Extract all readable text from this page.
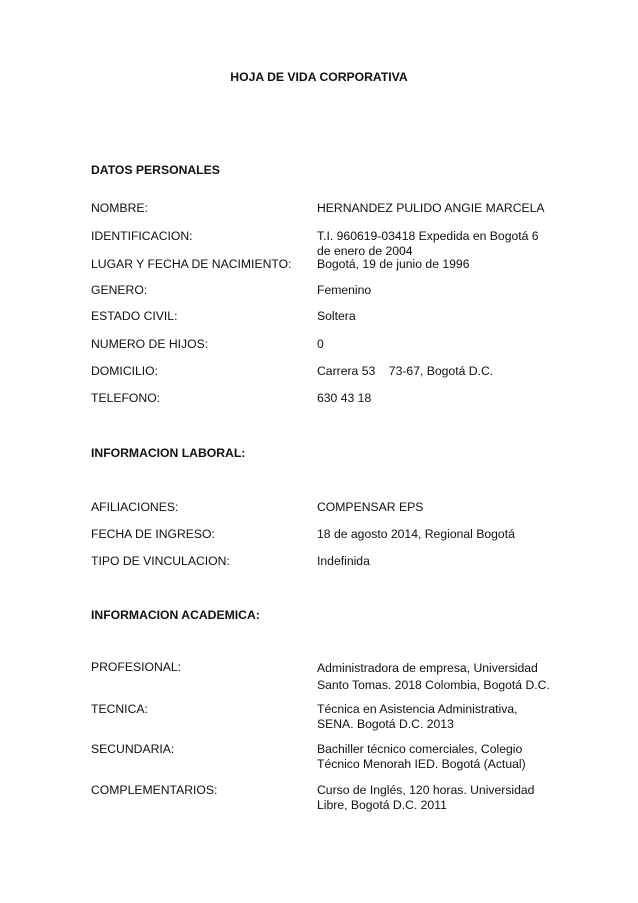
HOJA DE VIDA CORPORATIVA
DATOS PERSONALES
NOMBRE:	HERNANDEZ PULIDO ANGIE MARCELA
IDENTIFICACION:	T.I. 960619-03418 Expedida en Bogotá 6 de enero de 2004
LUGAR Y FECHA DE NACIMIENTO: Bogotá, 19 de junio de 1996
GENERO:	Femenino
ESTADO CIVIL:	Soltera
NUMERO DE HIJOS:	0
DOMICILIO:	Carrera 53    73-67, Bogotá D.C.
TELEFONO:	630 43 18
INFORMACION LABORAL:
AFILIACIONES:	COMPENSAR EPS
FECHA DE INGRESO:	18 de agosto 2014, Regional Bogotá
TIPO DE VINCULACION:	Indefinida
INFORMACION ACADEMICA:
PROFESIONAL:	Administradora de empresa, Universidad Santo Tomas. 2018 Colombia, Bogotá D.C.
TECNICA:	Técnica en Asistencia Administrativa, SENA. Bogotá D.C. 2013
SECUNDARIA:	Bachiller técnico comerciales, Colegio Técnico Menorah IED. Bogotá (Actual)
COMPLEMENTARIOS:	Curso de Inglés, 120 horas. Universidad Libre, Bogotá D.C. 2011
